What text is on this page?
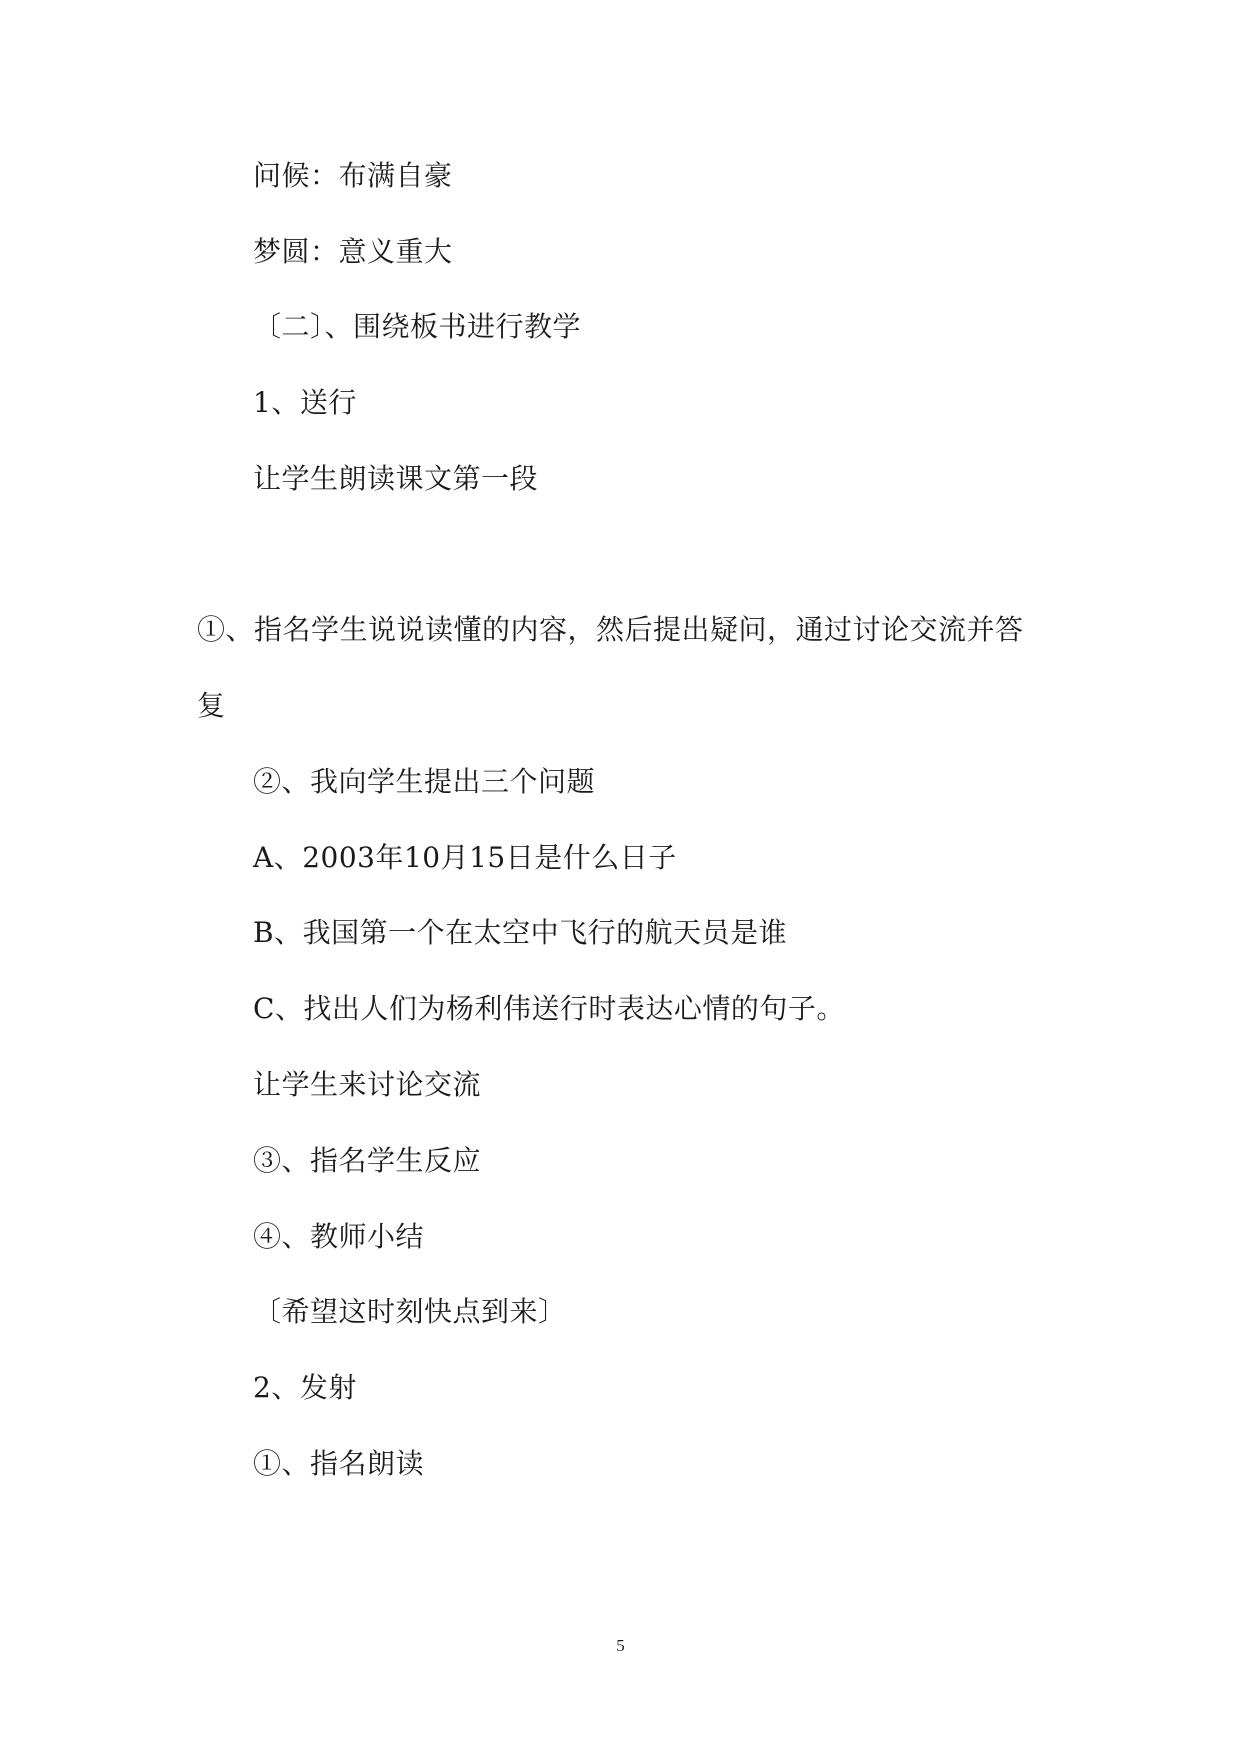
问候：布满自豪
梦圆：意义重大
〔二〕、围绕板书进行教学
1、送行
让学生朗读课文第一段
①、指名学生说说读懂的内容，然后提出疑问，通过讨论交流并答
复
②、我向学生提出三个问题
A、2003年10月15日是什么日子
B、我国第一个在太空中飞行的航天员是谁
C、找出人们为杨利伟送行时表达心情的句子。
让学生来讨论交流
③、指名学生反应
④、教师小结
〔希望这时刻快点到来〕
2、发射
①、指名朗读
5
